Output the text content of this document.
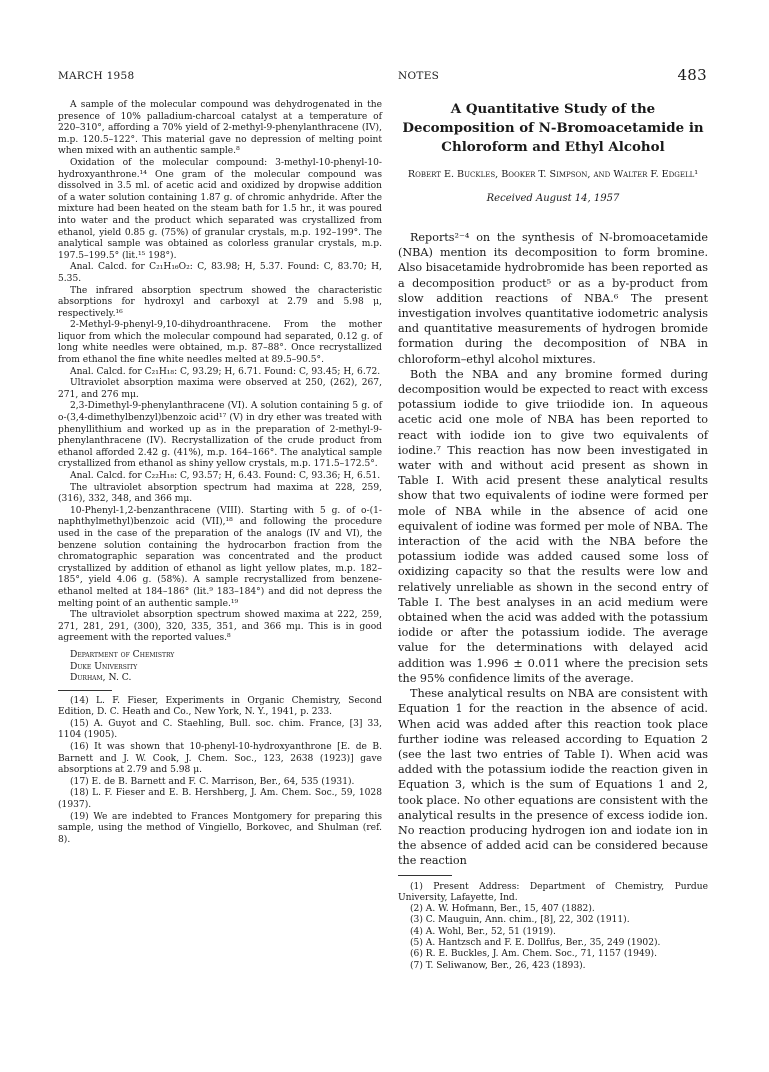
MARCH 1958	NOTES	483

A sample of the molecular compound was dehydrogenated in the presence of 10% palladium-charcoal catalyst at a temperature of 220–310°, affording a 70% yield of 2-methyl-9-phenylanthracene (IV), m.p. 120.5–122°. This material gave no depression of melting point when mixed with an authentic sample.⁸

Oxidation of the molecular compound: 3-methyl-10-phenyl-10-hydroxyanthrone.¹⁴ One gram of the molecular compound was dissolved in 3.5 ml. of acetic acid and oxidized by dropwise addition of a water solution containing 1.87 g. of chromic anhydride. After the mixture had been heated on the steam bath for 1.5 hr., it was poured into water and the product which separated was crystallized from ethanol, yield 0.85 g. (75%) of granular crystals, m.p. 192–199°. The analytical sample was obtained as colorless granular crystals, m.p. 197.5–199.5° (lit.¹⁵ 198°).

Anal. Calcd. for C₂₁H₁₆O₂: C, 83.98; H, 5.37. Found: C, 83.70; H, 5.35.

The infrared absorption spectrum showed the characteristic absorptions for hydroxyl and carboxyl at 2.79 and 5.98 μ, respectively.¹⁶

2-Methyl-9-phenyl-9,10-dihydroanthracene. From the mother liquor from which the molecular compound had separated, 0.12 g. of long white needles were obtained, m.p. 87–88°. Once recrystallized from ethanol the fine white needles melted at 89.5–90.5°.

Anal. Calcd. for C₂₁H₁₈: C, 93.29; H, 6.71. Found: C, 93.45; H, 6.72.

Ultraviolet absorption maxima were observed at 250, (262), 267, 271, and 276 mμ.

2,3-Dimethyl-9-phenylanthracene (VI). A solution containing 5 g. of o-(3,4-dimethylbenzyl)benzoic acid¹⁷ (V) in dry ether was treated with phenyllithium and worked up as in the preparation of 2-methyl-9-phenylanthracene (IV). Recrystallization of the crude product from ethanol afforded 2.42 g. (41%), m.p. 164–166°. The analytical sample crystallized from ethanol as shiny yellow crystals, m.p. 171.5–172.5°.

Anal. Calcd. for C₂₂H₁₈: C, 93.57; H, 6.43. Found: C, 93.36; H, 6.51.

The ultraviolet absorption spectrum had maxima at 228, 259, (316), 332, 348, and 366 mμ.

10-Phenyl-1,2-benzanthracene (VIII). Starting with 5 g. of o-(1-naphthylmethyl)benzoic acid (VII),¹⁸ and following the procedure used in the case of the preparation of the analogs (IV and VI), the benzene solution containing the hydrocarbon fraction from the chromatographic separation was concentrated and the product crystallized by addition of ethanol as light yellow plates, m.p. 182–185°, yield 4.06 g. (58%). A sample recrystallized from benzene-ethanol melted at 184–186° (lit.⁹ 183–184°) and did not depress the melting point of an authentic sample.¹⁹

The ultraviolet absorption spectrum showed maxima at 222, 259, 271, 281, 291, (300), 320, 335, 351, and 366 mμ. This is in good agreement with the reported values.⁸

Department of Chemistry
Duke University
Durham, N. C.

(14) L. F. Fieser, Experiments in Organic Chemistry, Second Edition, D. C. Heath and Co., New York, N. Y., 1941, p. 233.

(15) A. Guyot and C. Staehling, Bull. soc. chim. France, [3] 33, 1104 (1905).

(16) It was shown that 10-phenyl-10-hydroxyanthrone [E. de B. Barnett and J. W. Cook, J. Chem. Soc., 123, 2638 (1923)] gave absorptions at 2.79 and 5.98 μ.

(17) E. de B. Barnett and F. C. Marrison, Ber., 64, 535 (1931).

(18) L. F. Fieser and E. B. Hershberg, J. Am. Chem. Soc., 59, 1028 (1937).

(19) We are indebted to Frances Montgomery for preparing this sample, using the method of Vingiello, Borkovec, and Shulman (ref. 8).

A Quantitative Study of the Decomposition of N-Bromoacetamide in Chloroform and Ethyl Alcohol
Robert E. Buckles, Booker T. Simpson, and Walter F. Edgell¹
Received August 14, 1957

Reports²⁻⁴ on the synthesis of N-bromoacetamide (NBA) mention its decomposition to form bromine. Also bisacetamide hydrobromide has been reported as a decomposition product⁵ or as a by-product from slow addition reactions of NBA.⁶ The present investigation involves quantitative iodometric analysis and quantitative measurements of hydrogen bromide formation during the decomposition of NBA in chloroform–ethyl alcohol mixtures.

Both the NBA and any bromine formed during decomposition would be expected to react with excess potassium iodide to give triiodide ion. In aqueous acetic acid one mole of NBA has been reported to react with iodide ion to give two equivalents of iodine.⁷ This reaction has now been investigated in water with and without acid present as shown in Table I. With acid present these analytical results show that two equivalents of iodine were formed per mole of NBA while in the absence of acid one equivalent of iodine was formed per mole of NBA. The interaction of the acid with the NBA before the potassium iodide was added caused some loss of oxidizing capacity so that the results were low and relatively unreliable as shown in the second entry of Table I. The best analyses in an acid medium were obtained when the acid was added with the potassium iodide or after the potassium iodide. The average value for the determinations with delayed acid addition was 1.996 ± 0.011 where the precision sets the 95% confidence limits of the average.

These analytical results on NBA are consistent with Equation 1 for the reaction in the absence of acid. When acid was added after this reaction took place further iodine was released according to Equation 2 (see the last two entries of Table I). When acid was added with the potassium iodide the reaction given in Equation 3, which is the sum of Equations 1 and 2, took place. No other equations are consistent with the analytical results in the presence of excess iodide ion. No reaction producing hydrogen ion and iodate ion in the absence of added acid can be considered because the reaction

(1) Present Address: Department of Chemistry, Purdue University, Lafayette, Ind.

(2) A. W. Hofmann, Ber., 15, 407 (1882).

(3) C. Mauguin, Ann. chim., [8], 22, 302 (1911).

(4) A. Wohl, Ber., 52, 51 (1919).

(5) A. Hantzsch and F. E. Dollfus, Ber., 35, 249 (1902).

(6) R. E. Buckles, J. Am. Chem. Soc., 71, 1157 (1949).

(7) T. Seliwanow, Ber., 26, 423 (1893).
